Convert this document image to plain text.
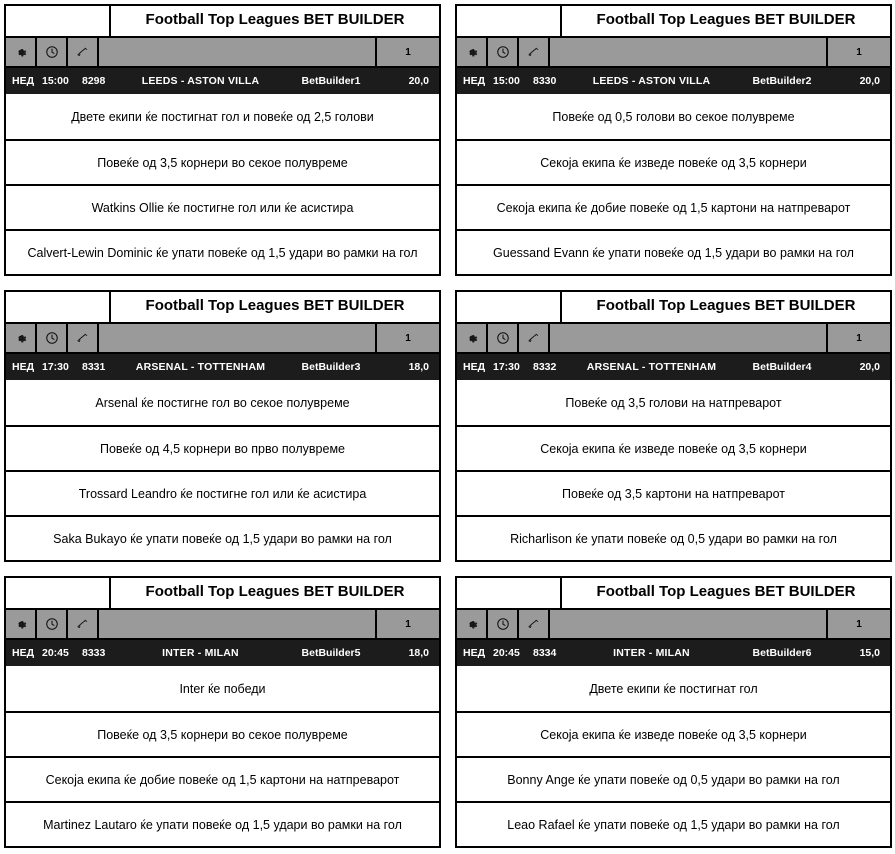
Football Top Leagues BET BUILDER
1
НЕД 15:00	8298	LEEDS - ASTON VILLA	BetBuilder1	20,0
Двете екипи ќе постигнат гол и повеќе од 2,5 голови
Повеќе од 3,5 корнери во секое полувреме
Watkins Ollie ќе постигне гол или ќе асистира
Calvert-Lewin Dominic ќе упати повеќе од 1,5 удари во рамки на гол
Football Top Leagues BET BUILDER
1
НЕД 15:00	8330	LEEDS - ASTON VILLA	BetBuilder2	20,0
Повеќе од 0,5 голови во секое полувреме
Секоја екипа ќе изведе повеќе од 3,5 корнери
Секоја екипа ќе добие повеќе од 1,5 картони на натпреварот
Guessand Evann ќе упати повеќе од 1,5 удари во рамки на гол
Football Top Leagues BET BUILDER
1
НЕД 17:30	8331	ARSENAL - TOTTENHAM	BetBuilder3	18,0
Arsenal ќе постигне гол во секое полувреме
Повеќе од 4,5 корнери во прво полувреме
Trossard Leandro ќе постигне гол или ќе асистира
Saka Bukayo ќе упати повеќе од 1,5 удари во рамки на гол
Football Top Leagues BET BUILDER
1
НЕД 17:30	8332	ARSENAL - TOTTENHAM	BetBuilder4	20,0
Повеќе од 3,5 голови на натпреварот
Секоја екипа ќе изведе повеќе од 3,5 корнери
Повеќе од 3,5 картони на натпреварот
Richarlison ќе упати повеќе од 0,5 удари во рамки на гол
Football Top Leagues BET BUILDER
1
НЕД 20:45	8333	INTER - MILAN	BetBuilder5	18,0
Inter ќе победи
Повеќе од 3,5 корнери во секое полувреме
Секоја екипа ќе добие повеќе од 1,5 картони на натпреварот
Martinez Lautaro ќе упати повеќе од 1,5 удари во рамки на гол
Football Top Leagues BET BUILDER
1
НЕД 20:45	8334	INTER - MILAN	BetBuilder6	15,0
Двете екипи ќе постигнат гол
Секоја екипа ќе изведе повеќе од 3,5 корнери
Bonny Ange ќе упати повеќе од 0,5 удари во рамки на гол
Leao Rafael ќе упати повеќе од 1,5 удари во рамки на гол
